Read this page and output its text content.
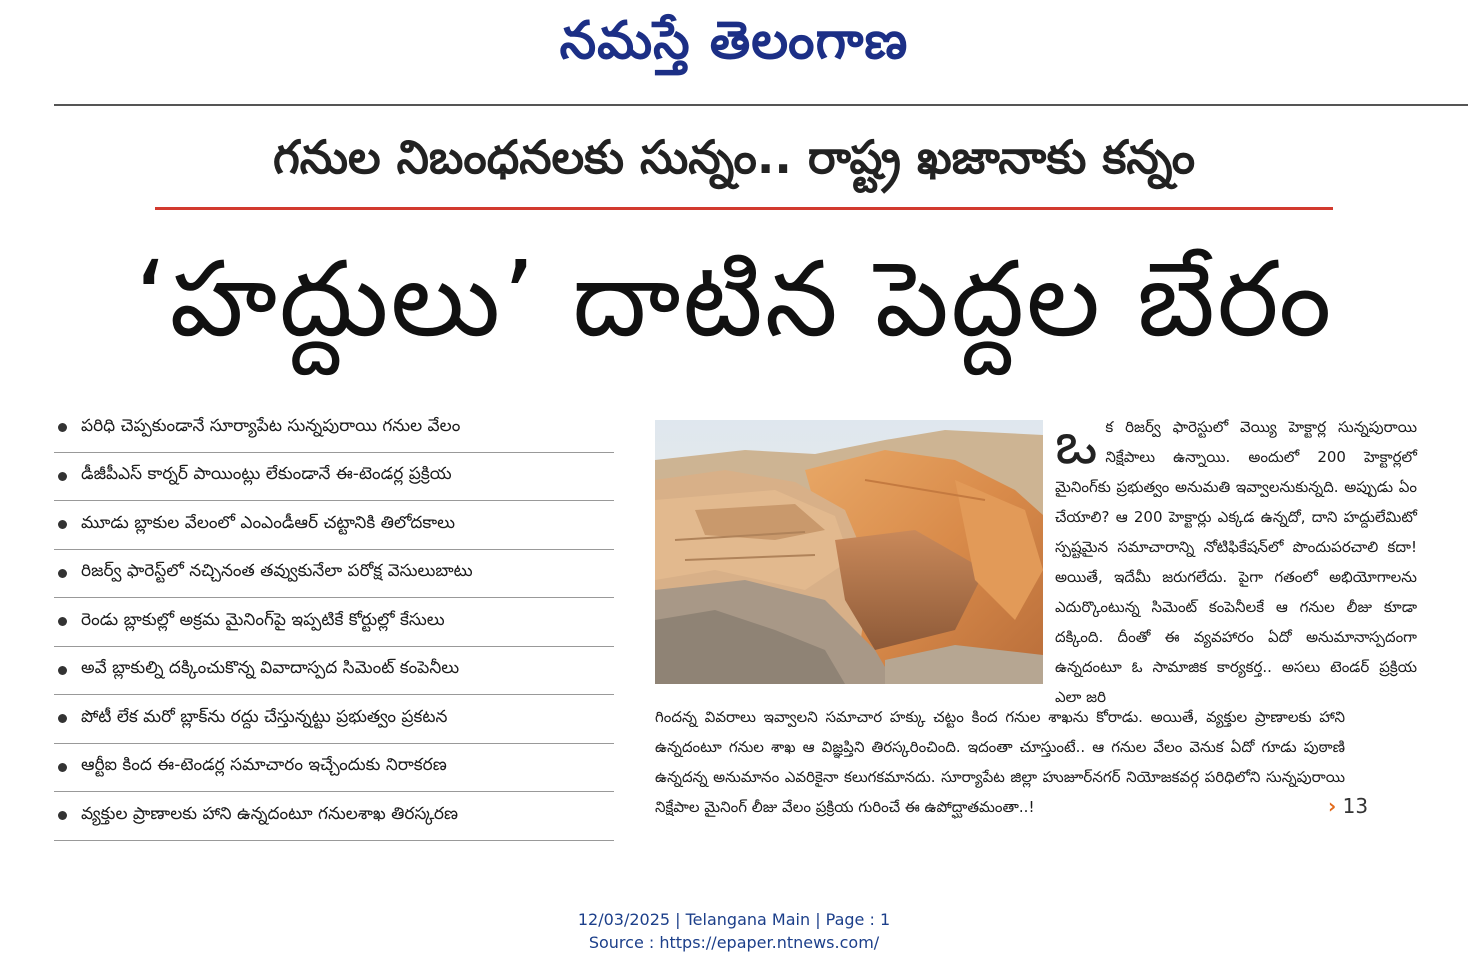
నమస్తే తెలంగాణ
గనుల నిబంధనలకు సున్నం.. రాష్ట్ర ఖజానాకు కన్నం
‘హద్దులు’ దాటిన పెద్దల బేరం
పరిధి చెప్పకుండానే సూర్యాపేట సున్నపురాయి గనుల వేలం
డీజీపీఎస్ కార్నర్ పాయింట్లు లేకుండానే ఈ-టెండర్ల ప్రక్రియ
మూడు బ్లాకుల వేలంలో ఎంఎండీఆర్ చట్టానికి తిలోదకాలు
రిజర్వ్ ఫారెస్ట్‌లో నచ్చినంత తవ్వుకునేలా పరోక్ష వెసులుబాటు
రెండు బ్లాకుల్లో అక్రమ మైనింగ్‌పై ఇప్పటికే కోర్టుల్లో కేసులు
అవే బ్లాకుల్ని దక్కించుకొన్న వివాదాస్పద సిమెంట్ కంపెనీలు
పోటీ లేక మరో బ్లాక్‌ను రద్దు చేస్తున్నట్టు ప్రభుత్వం ప్రకటన
ఆర్టీఐ కింద ఈ-టెండర్ల సమాచారం ఇచ్చేందుకు నిరాకరణ
వ్యక్తుల ప్రాణాలకు హాని ఉన్నదంటూ గనులశాఖ తిరస్కరణ
ఒక రిజర్వ్ ఫారెస్టులో వెయ్యి హెక్టార్ల సున్నపురాయి నిక్షేపాలు ఉన్నాయి. అందులో 200 హెక్టార్లలో మైనింగ్‌కు ప్రభుత్వం అనుమతి ఇవ్వాలనుకున్నది. అప్పుడు ఏం చేయాలి? ఆ 200 హెక్టార్లు ఎక్కడ ఉన్నదో, దాని హద్దులేమిటో స్పష్టమైన సమాచారాన్ని నోటిఫికేషన్‌లో పొందుపరచాలి కదా! అయితే, ఇదేమీ జరుగలేదు. పైగా గతంలో అభియోగాలను ఎదుర్కొంటున్న సిమెంట్ కంపెనీలకే ఆ గనుల లీజు కూడా దక్కింది. దీంతో ఈ వ్యవహారం ఏదో అనుమానాస్పదంగా ఉన్నదంటూ ఓ సామాజిక కార్యకర్త.. అసలు టెండర్ ప్రక్రియ ఎలా జరి
గిందన్న వివరాలు ఇవ్వాలని సమాచార హక్కు చట్టం కింద గనుల శాఖను కోరాడు. అయితే, వ్యక్తుల ప్రాణాలకు హాని ఉన్నదంటూ గనుల శాఖ ఆ విజ్ఞప్తిని తిరస్కరించింది. ఇదంతా చూస్తుంటే.. ఆ గనుల వేలం వెనుక ఏదో గూడు పుఠాణి ఉన్నదన్న అనుమానం ఎవరికైనా కలుగకమానదు. సూర్యాపేట జిల్లా హుజూర్‌నగర్ నియోజకవర్గ పరిధిలోని సున్నపురాయి నిక్షేపాల మైనింగ్ లీజు వేలం ప్రక్రియ గురించే ఈ ఉపోద్ఘాతమంతా..!	› 13
12/03/2025 | Telangana Main | Page : 1
Source : https://epaper.ntnews.com/
